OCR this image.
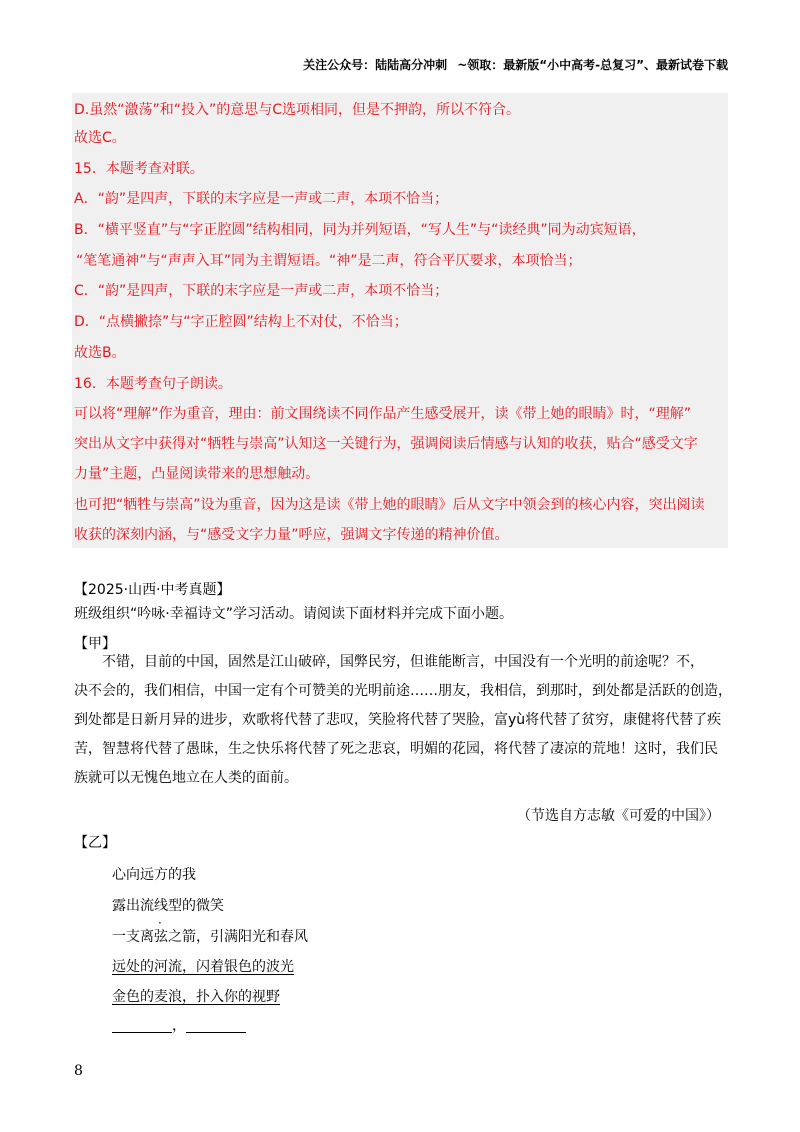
关注公众号：陆陆高分冲刺 ~领取：最新版“小中高考-总复习”、最新试卷下载
D.虽然“激荡”和“投入”的意思与C选项相同，但是不押韵，所以不符合。
故选C。
15．本题考查对联。
A．“韵”是四声，下联的末字应是一声或二声，本项不恰当；
B．“横平竖直”与“字正腔圆”结构相同，同为并列短语，“写人生”与“读经典”同为动宾短语，
“笔笔通神”与“声声入耳”同为主谓短语。“神”是二声，符合平仄要求，本项恰当；
C．“韵”是四声，下联的末字应是一声或二声，本项不恰当；
D．“点横撇捺”与“字正腔圆”结构上不对仗，不恰当；
故选B。
16．本题考查句子朗读。
可以将“理解”作为重音，理由：前文围绕读不同作品产生感受展开，读《带上她的眼睛》时，“理解”
突出从文字中获得对“牺牲与崇高”认知这一关键行为，强调阅读后情感与认知的收获，贴合“感受文字
力量”主题，凸显阅读带来的思想触动。
也可把“牺牲与崇高”设为重音，因为这是读《带上她的眼睛》后从文字中领会到的核心内容，突出阅读
收获的深刻内涵，与“感受文字力量”呼应，强调文字传递的精神价值。
【2025·山西·中考真题】
班级组织“吟咏·幸福诗文”学习活动。请阅读下面材料并完成下面小题。
【甲】
不错，目前的中国，固然是江山破碎，国弊民穷，但谁能断言，中国没有一个光明的前途呢？不，
决不会的，我们相信，中国一定有个可赞美的光明前途……朋友，我相信，到那时，到处都是活跃的创造，
到处都是日新月异的进步，欢歌将代替了悲叹，笑脸将代替了哭脸，富yù将代替了贫穷，康健将代替了疾
苦，智慧将代替了愚昧，生之快乐将代替了死之悲哀，明媚的花园，将代替了凄凉的荒地！这时，我们民
族就可以无愧色地立在人类的面前。
（节选自方志敏《可爱的中国》）
【乙】
心向远方的我
露出流线型的微笑
一支离弦之箭，引满阳光和春风
远处的河流，闪着银色的波光
金色的麦浪，扑入你的视野
，
8
